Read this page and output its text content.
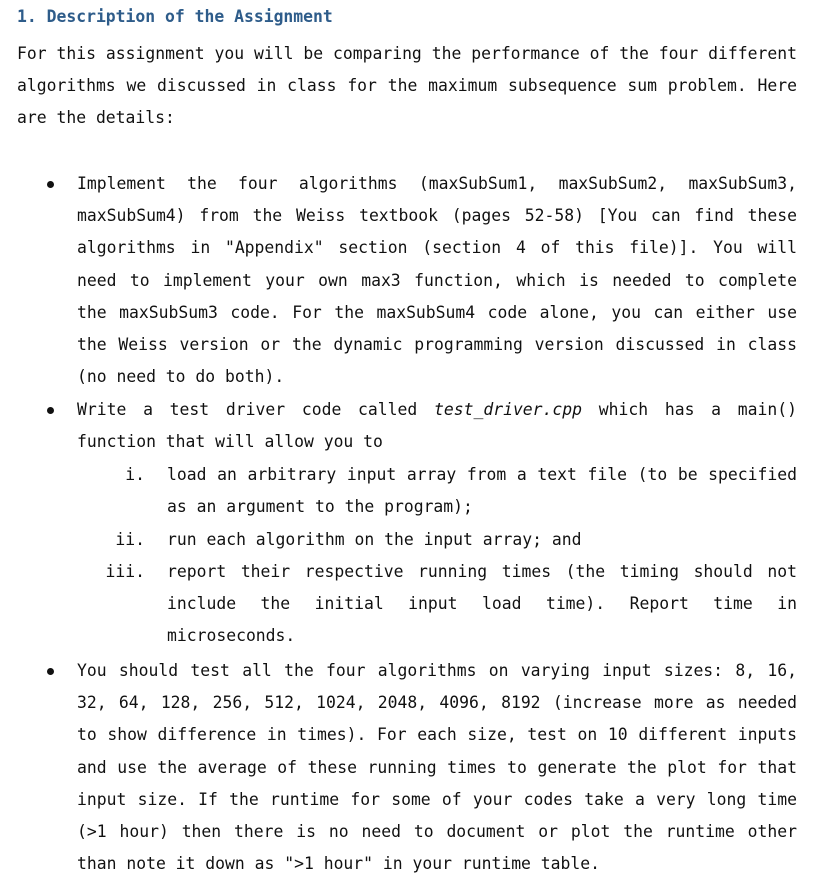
1. Description of the Assignment

For this assignment you will be comparing the performance of the four different algorithms we discussed in class for the maximum subsequence sum problem. Here are the details:

Implement the four algorithms (maxSubSum1, maxSubSum2, maxSubSum3, maxSubSum4) from the Weiss textbook (pages 52-58) [You can find these algorithms in "Appendix" section (section 4 of this file)]. You will need to implement your own max3 function, which is needed to complete the maxSubSum3 code. For the maxSubSum4 code alone, you can either use the Weiss version or the dynamic programming version discussed in class (no need to do both).
Write a test driver code called test_driver.cpp which has a main() function that will allow you to
You should test all the four algorithms on varying input sizes: 8, 16, 32, 64, 128, 256, 512, 1024, 2048, 4096, 8192 (increase more as needed to show difference in times). For each size, test on 10 different inputs and use the average of these running times to generate the plot for that input size. If the runtime for some of your codes take a very long time (>1 hour) then there is no need to document or plot the runtime other than note it down as ">1 hour" in your runtime table.
i. load an arbitrary input array from a text file (to be specified as an argument to the program);
ii. run each algorithm on the input array; and
iii. report their respective running times (the timing should not include the initial input load time). Report time in microseconds.
